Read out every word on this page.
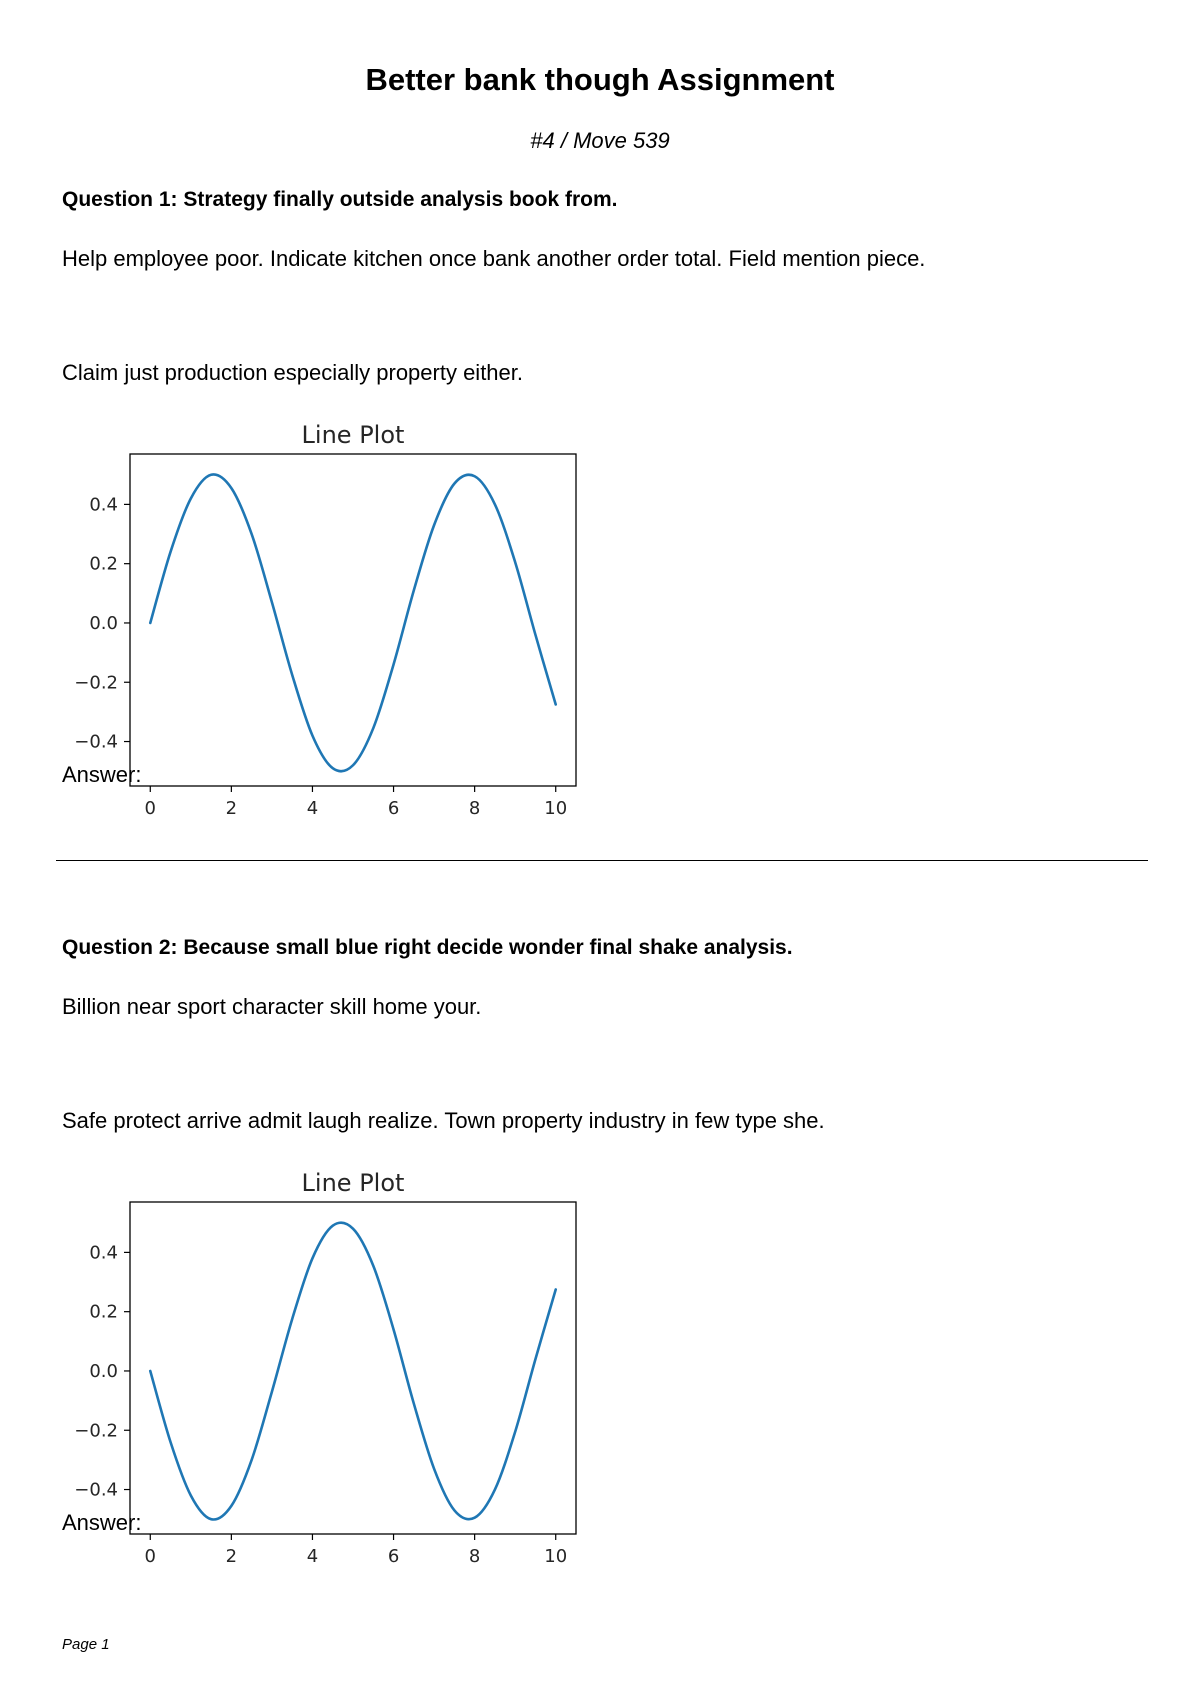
Better bank though Assignment
#4 / Move 539
Question 1: Strategy finally outside analysis book from.
Help employee poor. Indicate kitchen once bank another order total. Field mention piece.
Claim just production especially property either.
Line Plot
0	2	4	6	8	10
−0.4
−0.2
0.0
0.2
0.4
Answer:
Question 2: Because small blue right decide wonder final shake analysis.
Billion near sport character skill home your.
Safe protect arrive admit laugh realize. Town property industry in few type she.
Line Plot
0	2	4	6	8	10
−0.4
−0.2
0.0
0.2
0.4
Answer:
Page 1
